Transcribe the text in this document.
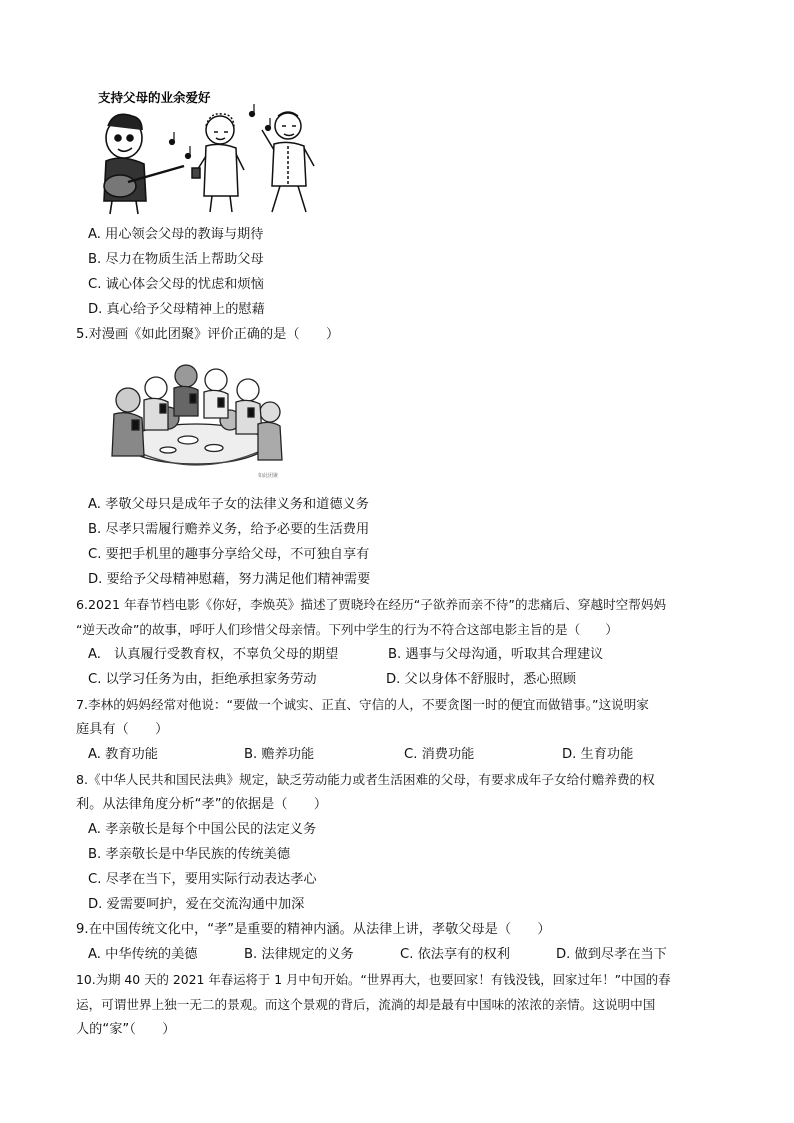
支持父母的业余爱好
A. 用心领会父母的教诲与期待
B. 尽力在物质生活上帮助父母
C. 诚心体会父母的忧虑和烦恼
D. 真心给予父母精神上的慰藉
5.对漫画《如此团聚》评价正确的是（　　）
如此团聚
A. 孝敬父母只是成年子女的法律义务和道德义务
B. 尽孝只需履行赡养义务，给予必要的生活费用
C. 要把手机里的趣事分享给父母，不可独自享有
D. 要给予父母精神慰藉，努力满足他们精神需要
6.2021 年春节档电影《你好，李焕英》描述了贾晓玲在经历“子欲养而亲不待”的悲痛后、穿越时空帮妈妈
“逆天改命”的故事，呼吁人们珍惜父母亲情。下列中学生的行为不符合这部电影主旨的是（　　）
A.　认真履行受教育权，不辜负父母的期望	B. 遇事与父母沟通，听取其合理建议
C. 以学习任务为由，拒绝承担家务劳动	D. 父以身体不舒服时，悉心照顾
7.李林的妈妈经常对他说：“要做一个诚实、正直、守信的人，不要贪图一时的便宜而做错事。”这说明家
庭具有（　　）
A. 教育功能	B. 赡养功能	C. 消费功能	D. 生育功能
8.《中华人民共和国民法典》规定，缺乏劳动能力或者生活困难的父母，有要求成年子女给付赡养费的权
利。从法律角度分析“孝”的依据是（　　）
A. 孝亲敬长是每个中国公民的法定义务
B. 孝亲敬长是中华民族的传统美德
C. 尽孝在当下，要用实际行动表达孝心
D. 爱需要呵护，爱在交流沟通中加深
9.在中国传统文化中，“孝”是重要的精神内涵。从法律上讲，孝敬父母是（　　）
A. 中华传统的美德	B. 法律规定的义务	C. 依法享有的权利	D. 做到尽孝在当下
10.为期 40 天的 2021 年春运将于 1 月中旬开始。“世界再大，也要回家！有钱没钱，回家过年！”中国的春
运，可谓世界上独一无二的景观。而这个景观的背后，流淌的却是最有中国味的浓浓的亲情。这说明中国
人的“家”（　　）
